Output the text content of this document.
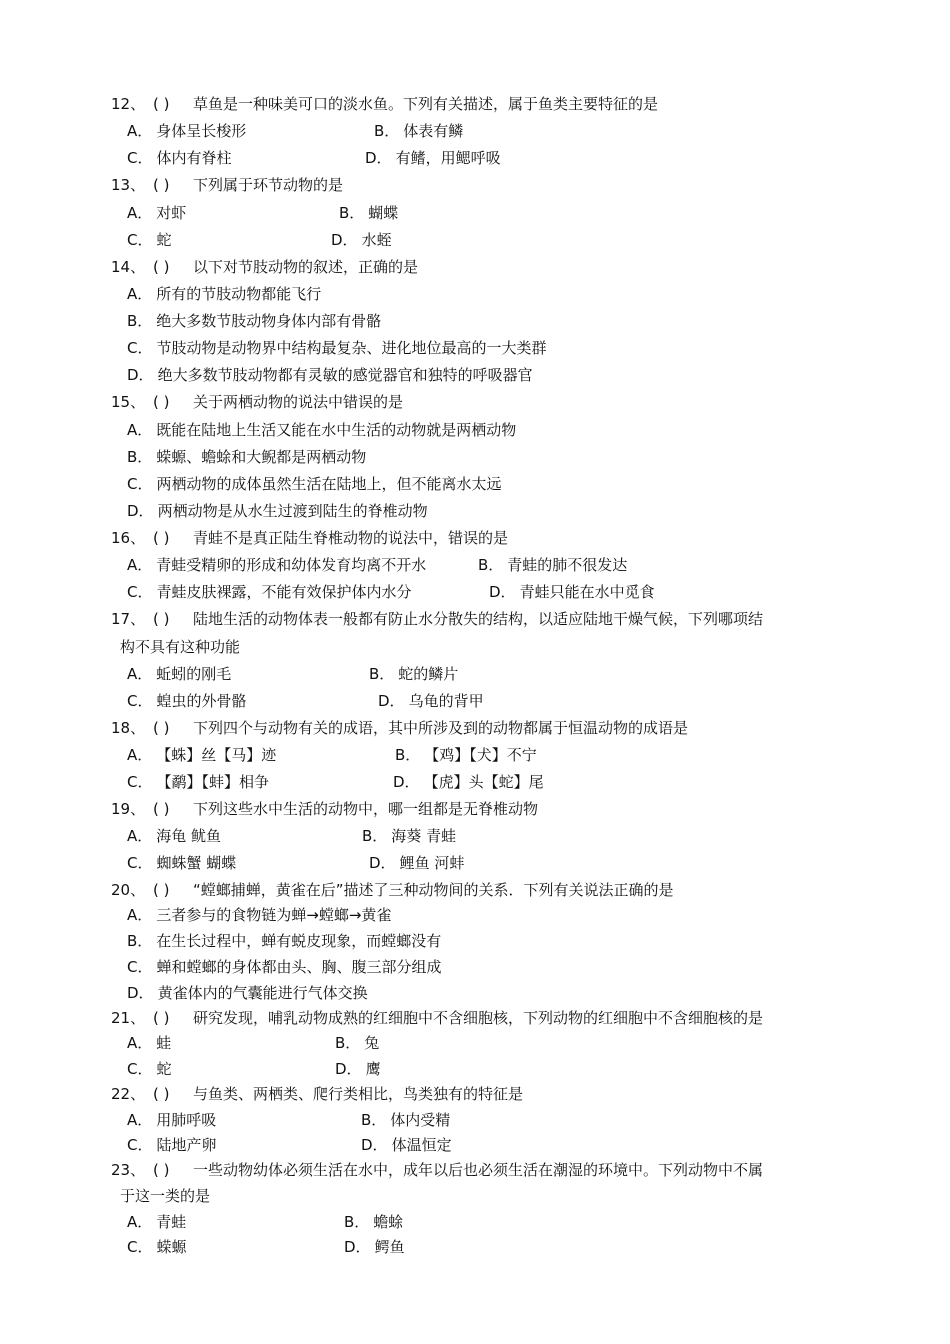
12、 ( ) 草鱼是一种味美可口的淡水鱼。下列有关描述，属于鱼类主要特征的是
A． 身体呈长梭形	B． 体表有鳞
C． 体内有脊柱	D． 有鳍，用鳃呼吸
13、 ( ) 下列属于环节动物的是
A． 对虾	B． 蝴蝶
C． 蛇	D． 水蛭
14、 ( ) 以下对节肢动物的叙述，正确的是
A． 所有的节肢动物都能飞行
B． 绝大多数节肢动物身体内部有骨骼
C． 节肢动物是动物界中结构最复杂、进化地位最高的一大类群
D． 绝大多数节肢动物都有灵敏的感觉器官和独特的呼吸器官
15、 ( ) 关于两栖动物的说法中错误的是
A． 既能在陆地上生活又能在水中生活的动物就是两栖动物
B． 蝾螈、蟾蜍和大鲵都是两栖动物
C． 两栖动物的成体虽然生活在陆地上，但不能离水太远
D． 两栖动物是从水生过渡到陆生的脊椎动物
16、 ( ) 青蛙不是真正陆生脊椎动物的说法中，错误的是
A． 青蛙受精卵的形成和幼体发育均离不开水	B． 青蛙的肺不很发达
C． 青蛙皮肤裸露，不能有效保护体内水分	D． 青蛙只能在水中觅食
17、 ( ) 陆地生活的动物体表一般都有防止水分散失的结构，以适应陆地干燥气候，下列哪项结
构不具有这种功能
A． 蚯蚓的刚毛	B． 蛇的鳞片
C． 蝗虫的外骨骼	D． 乌龟的背甲
18、 ( ) 下列四个与动物有关的成语，其中所涉及到的动物都属于恒温动物的成语是
A． 【蛛】丝【马】迹	B． 【鸡】【犬】不宁
C． 【鹬】【蚌】相争	D． 【虎】头【蛇】尾
19、 ( ) 下列这些水中生活的动物中，哪一组都是无脊椎动物
A． 海龟 鱿鱼	B． 海葵 青蛙
C． 蜘蛛蟹 蝴蝶	D． 鲤鱼 河蚌
20、 ( ) “螳螂捕蝉，黄雀在后”描述了三种动物间的关系．下列有关说法正确的是
A． 三者参与的食物链为蝉→螳螂→黄雀
B． 在生长过程中，蝉有蜕皮现象，而螳螂没有
C． 蝉和螳螂的身体都由头、胸、腹三部分组成
D． 黄雀体内的气囊能进行气体交换
21、 ( ) 研究发现，哺乳动物成熟的红细胞中不含细胞核，下列动物的红细胞中不含细胞核的是
A． 蛙	B． 兔
C． 蛇	D． 鹰
22、 ( ) 与鱼类、两栖类、爬行类相比，鸟类独有的特征是
A． 用肺呼吸	B． 体内受精
C． 陆地产卵	D． 体温恒定
23、 ( ) 一些动物幼体必须生活在水中，成年以后也必须生活在潮湿的环境中。下列动物中不属
于这一类的是
A． 青蛙	B． 蟾蜍
C． 蝾螈	D． 鳄鱼
